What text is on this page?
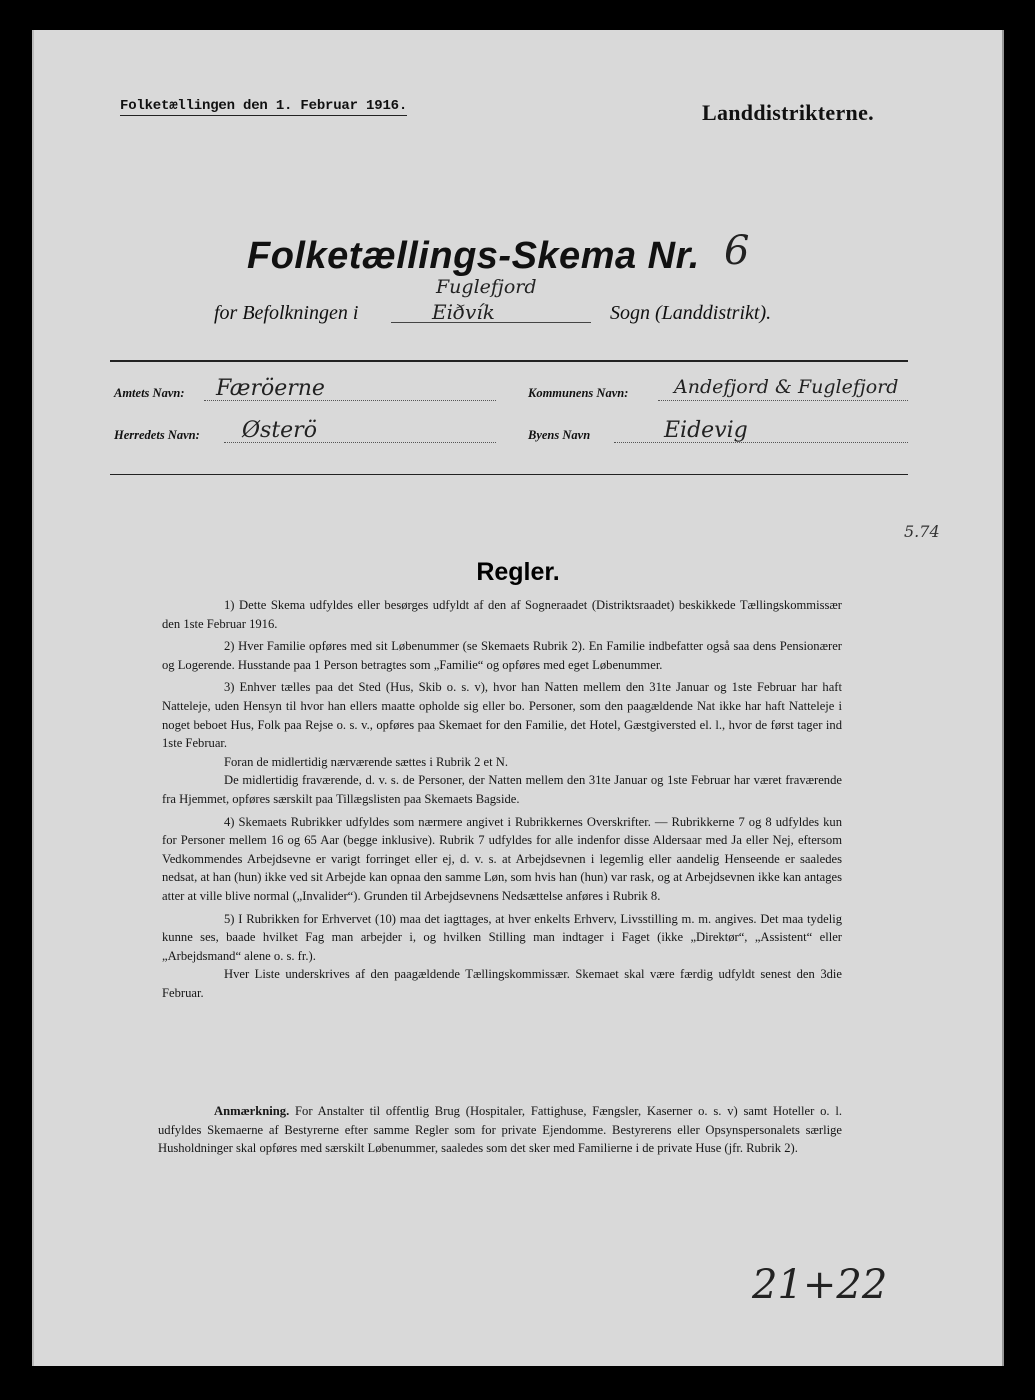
Folketællingen den 1. Februar 1916.	Landdistrikterne.
Folketællings-Skema Nr. 6
for Befolkningen i
Fuglefjord
Eiðvík	Sogn (Landdistrikt).
Amtets Navn: Færöerne	Kommunens Navn: Andefjord & Fuglefjord
Herredets Navn: Østerö	Byens Navn	Eidevig
Regler.

1) Dette Skema udfyldes eller besørges udfyldt af den af Sogneraadet (Distriktsraadet) beskikkede Tællingskommissær den 1ste Februar 1916.

2) Hver Familie opføres med sit Løbenummer (se Skemaets Rubrik 2). En Familie indbefatter også saa dens Pensionærer og Logerende. Husstande paa 1 Person betragtes som „Familie“ og opføres med eget Løbenummer.

3) Enhver tælles paa det Sted (Hus, Skib o. s. v), hvor han Natten mellem den 31te Januar og 1ste Februar har haft Natteleje, uden Hensyn til hvor han ellers maatte opholde sig eller bo. Personer, som den paagældende Nat ikke har haft Natteleje i noget beboet Hus, Folk paa Rejse o. s. v., opføres paa Skemaet for den Familie, det Hotel, Gæstgiversted el. l., hvor de først tager ind 1ste Februar.

Foran de midlertidig nærværende sættes i Rubrik 2 et N.

De midlertidig fraværende, d. v. s. de Personer, der Natten mellem den 31te Januar og 1ste Februar har været fraværende fra Hjemmet, opføres særskilt paa Tillægslisten paa Skemaets Bagside.

4) Skemaets Rubrikker udfyldes som nærmere angivet i Rubrikkernes Overskrifter. — Rubrikkerne 7 og 8 udfyldes kun for Personer mellem 16 og 65 Aar (begge inklusive). Rubrik 7 udfyldes for alle indenfor disse Aldersaar med Ja eller Nej, eftersom Vedkommendes Arbejdsevne er varigt forringet eller ej, d. v. s. at Arbejdsevnen i legemlig eller aandelig Henseende er saaledes nedsat, at han (hun) ikke ved sit Arbejde kan opnaa den samme Løn, som hvis han (hun) var rask, og at Arbejdsevnen ikke kan antages atter at ville blive normal („Invalider“). Grunden til Arbejdsevnens Nedsættelse anføres i Rubrik 8.

5) I Rubrikken for Erhvervet (10) maa det iagttages, at hver enkelts Erhverv, Livsstilling m. m. angives. Det maa tydelig kunne ses, baade hvilket Fag man arbejder i, og hvilken Stilling man indtager i Faget (ikke „Direktør“, „Assistent“ eller „Arbejdsmand“ alene o. s. fr.).

Hver Liste underskrives af den paagældende Tællingskommissær. Skemaet skal være færdig udfyldt senest den 3die Februar.

Anmærkning. For Anstalter til offentlig Brug (Hospitaler, Fattighuse, Fængsler, Kaserner o. s. v) samt Hoteller o. l. udfyldes Skemaerne af Bestyrerne efter samme Regler som for private Ejendomme. Bestyrerens eller Opsynspersonalets særlige Husholdninger skal opføres med særskilt Løbenummer, saaledes som det sker med Familierne i de private Huse (jfr. Rubrik 2).

5.74
21+22
